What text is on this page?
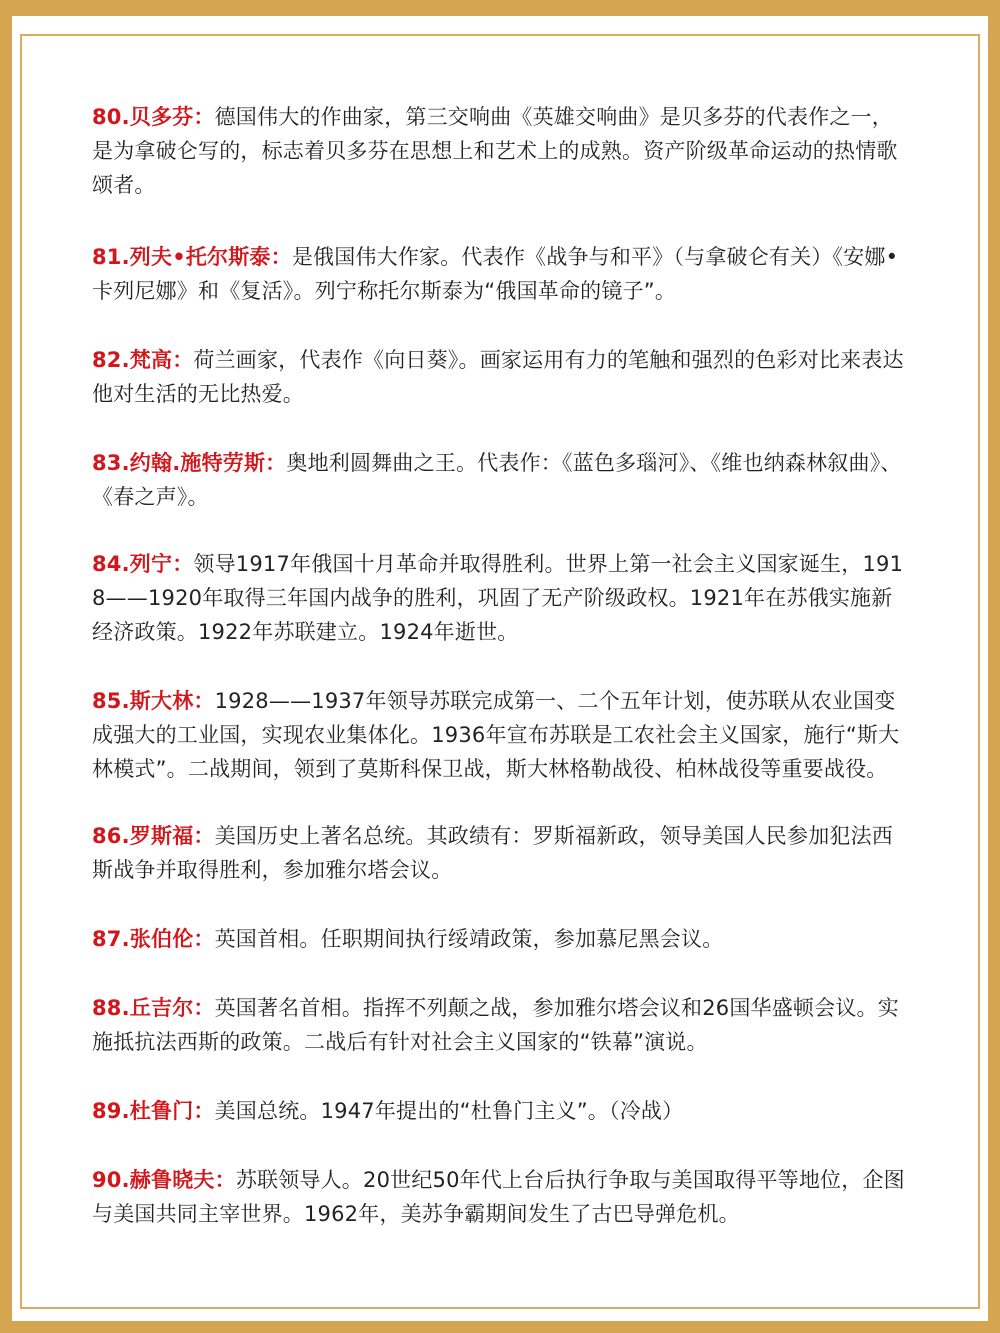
80.贝多芬：德国伟大的作曲家，第三交响曲《英雄交响曲》是贝多芬的代表作之一，是为拿破仑写的，标志着贝多芬在思想上和艺术上的成熟。资产阶级革命运动的热情歌颂者。
81.列夫•托尔斯泰：是俄国伟大作家。代表作《战争与和平》（与拿破仑有关）《安娜•卡列尼娜》和《复活》。列宁称托尔斯泰为“俄国革命的镜子”。
82.梵高：荷兰画家，代表作《向日葵》。画家运用有力的笔触和强烈的色彩对比来表达他对生活的无比热爱。
83.约翰.施特劳斯：奥地利圆舞曲之王。代表作：《蓝色多瑙河》、《维也纳森林叙曲》、《春之声》。
84.列宁：领导1917年俄国十月革命并取得胜利。世界上第一社会主义国家诞生，1918——1920年取得三年国内战争的胜利，巩固了无产阶级政权。1921年在苏俄实施新经济政策。1922年苏联建立。1924年逝世。
85.斯大林：1928——1937年领导苏联完成第一、二个五年计划，使苏联从农业国变成强大的工业国，实现农业集体化。1936年宣布苏联是工农社会主义国家，施行“斯大林模式”。二战期间，领到了莫斯科保卫战，斯大林格勒战役、柏林战役等重要战役。
86.罗斯福：美国历史上著名总统。其政绩有：罗斯福新政，领导美国人民参加犯法西斯战争并取得胜利，参加雅尔塔会议。
87.张伯伦：英国首相。任职期间执行绥靖政策，参加慕尼黑会议。
88.丘吉尔：英国著名首相。指挥不列颠之战，参加雅尔塔会议和26国华盛顿会议。实施抵抗法西斯的政策。二战后有针对社会主义国家的“铁幕”演说。
89.杜鲁门：美国总统。1947年提出的“杜鲁门主义”。（冷战）
90.赫鲁晓夫：苏联领导人。20世纪50年代上台后执行争取与美国取得平等地位，企图与美国共同主宰世界。1962年，美苏争霸期间发生了古巴导弹危机。
